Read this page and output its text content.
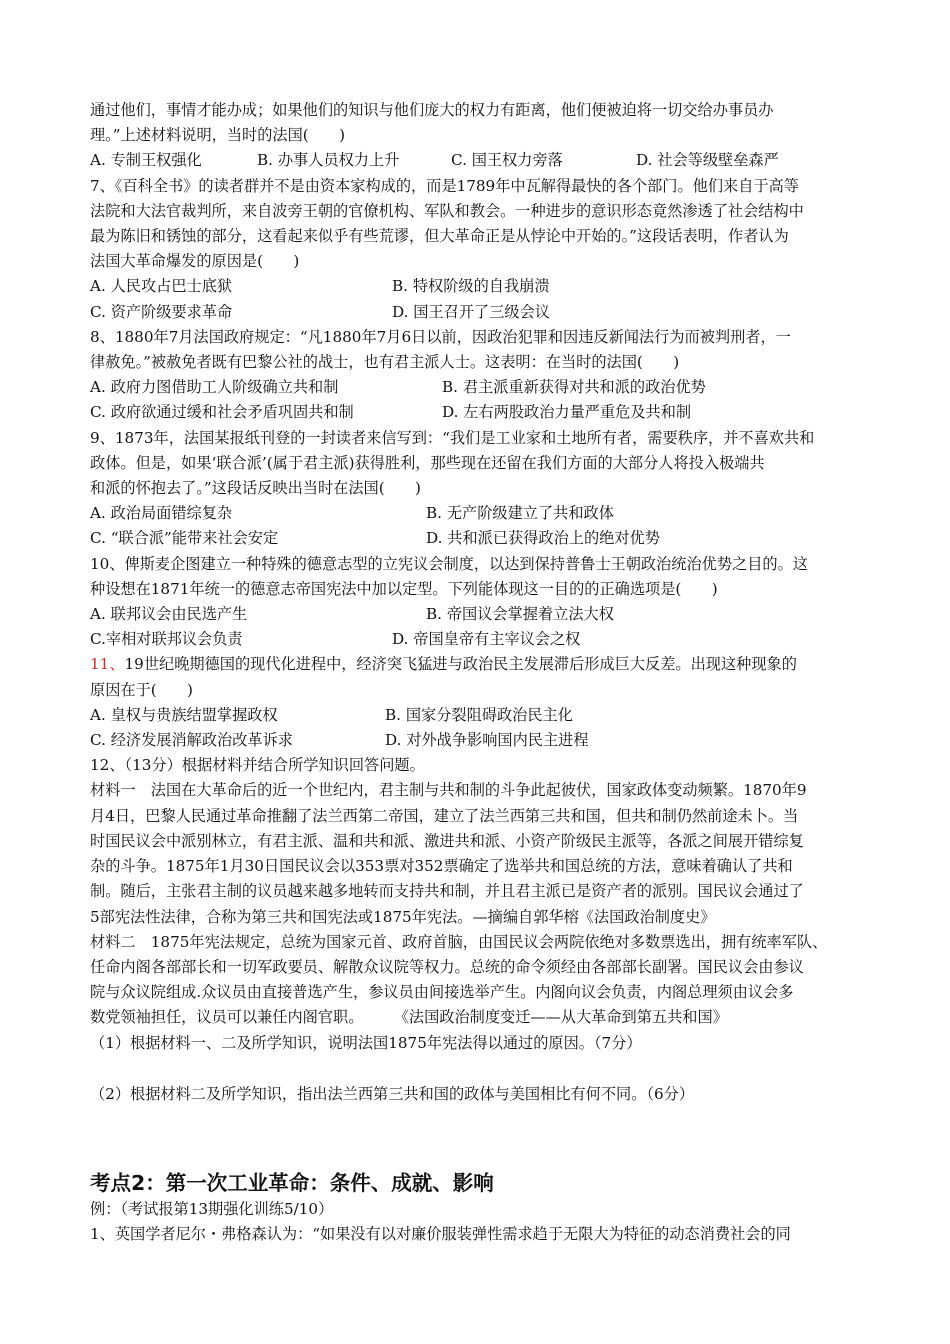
通过他们，事情才能办成；如果他们的知识与他们庞大的权力有距离，他们便被迫将一切交给办事员办
理。”上述材料说明，当时的法国(　　)
A. 专制王权强化	B. 办事人员权力上升	C. 国王权力旁落	D. 社会等级壁垒森严
7、《百科全书》的读者群并不是由资本家构成的，而是1789年中瓦解得最快的各个部门。他们来自于高等
法院和大法官裁判所，来自波旁王朝的官僚机构、军队和教会。一种进步的意识形态竟然渗透了社会结构中
最为陈旧和锈蚀的部分，这看起来似乎有些荒谬，但大革命正是从悖论中开始的。”这段话表明，作者认为
法国大革命爆发的原因是(　　)
A. 人民攻占巴士底狱	B. 特权阶级的自我崩溃
C. 资产阶级要求革命	D. 国王召开了三级会议
8、1880年7月法国政府规定：“凡1880年7月6日以前，因政治犯罪和因违反新闻法行为而被判刑者，一
律赦免。”被赦免者既有巴黎公社的战士，也有君主派人士。这表明：在当时的法国(　　)
A. 政府力图借助工人阶级确立共和制	B. 君主派重新获得对共和派的政治优势
C. 政府欲通过缓和社会矛盾巩固共和制	D. 左右两股政治力量严重危及共和制
9、1873年，法国某报纸刊登的一封读者来信写到：“我们是工业家和土地所有者，需要秩序，并不喜欢共和
政体。但是，如果‘联合派’(属于君主派)获得胜利，那些现在还留在我们方面的大部分人将投入极端共
和派的怀抱去了。”这段话反映出当时在法国(　　)
A. 政治局面错综复杂	B. 无产阶级建立了共和政体
C. “联合派”能带来社会安定	D. 共和派已获得政治上的绝对优势
10、俾斯麦企图建立一种特殊的德意志型的立宪议会制度，以达到保持普鲁士王朝政治统治优势之目的。这
种设想在1871年统一的德意志帝国宪法中加以定型。下列能体现这一目的的正确选项是(　　)
A. 联邦议会由民选产生	B. 帝国议会掌握着立法大权
C.宰相对联邦议会负责	D. 帝国皇帝有主宰议会之权
11、19世纪晚期德国的现代化进程中，经济突飞猛进与政治民主发展滞后形成巨大反差。出现这种现象的
原因在于(　　)
A. 皇权与贵族结盟掌握政权	B. 国家分裂阻碍政治民主化
C. 经济发展消解政治改革诉求	D. 对外战争影响国内民主进程
12、（13分）根据材料并结合所学知识回答问题。
材料一　法国在大革命后的近一个世纪内，君主制与共和制的斗争此起彼伏，国家政体变动频繁。1870年9
月4日，巴黎人民通过革命推翻了法兰西第二帝国，建立了法兰西第三共和国，但共和制仍然前途未卜。当
时国民议会中派别林立，有君主派、温和共和派、激进共和派、小资产阶级民主派等，各派之间展开错综复
杂的斗争。1875年1月30日国民议会以353票对352票确定了选举共和国总统的方法，意味着确认了共和
制。随后，主张君主制的议员越来越多地转而支持共和制，并且君主派已是资产者的派别。国民议会通过了
5部宪法性法律，合称为第三共和国宪法或1875年宪法。—摘编自郭华榕《法国政治制度史》
材料二　1875年宪法规定，总统为国家元首、政府首脑，由国民议会两院依绝对多数票选出，拥有统率军队、
任命内阁各部部长和一切军政要员、解散众议院等权力。总统的命令须经由各部部长副署。国民议会由参议
院与众议院组成.众议员由直接普选产生，参议员由间接选举产生。内阁向议会负责，内阁总理须由议会多
数党领袖担任，议员可以兼任内阁官职。　　　《法国政治制度变迁——从大革命到第五共和国》
（1）根据材料一、二及所学知识，说明法国1875年宪法得以通过的原因。（7分）
（2）根据材料二及所学知识，指出法兰西第三共和国的政体与美国相比有何不同。（6分）
考点2：第一次工业革命：条件、成就、影响
例：（考试报第13期强化训练5/10）
1、英国学者尼尔・弗格森认为：“如果没有以对廉价服装弹性需求趋于无限大为特征的动态消费社会的同
